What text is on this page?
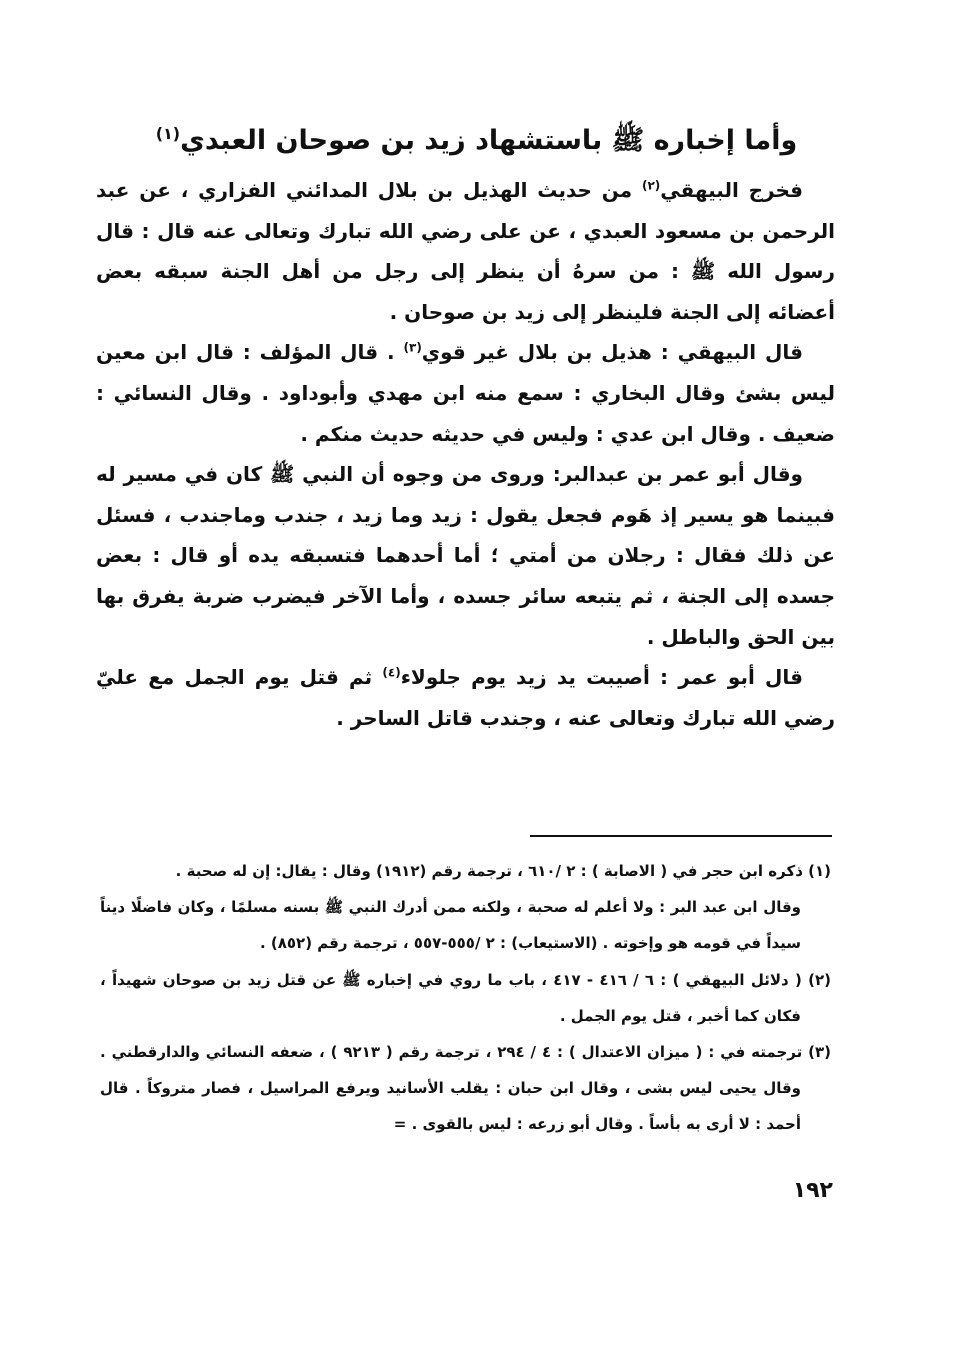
وأما إخباره ﷺ باستشهاد زيد بن صوحان العبدي$^{(١)}$

فخرج البيهقي$^{(٢)}$ من حديث الهذيل بن بلال المدائني الفزاري ، عن عبد الرحمن بن مسعود العبدي ، عن على رضي الله تبارك وتعالى عنه قال : قال رسول الله ﷺ : من سرهُ أن ينظر إلى رجل من أهل الجنة سبقه بعض أعضائه إلى الجنة فلينظر إلى زيد بن صوحان .

قال البيهقي : هذيل بن بلال غير قوي$^{(٣)}$ . قال المؤلف : قال ابن معين ليس بشئ وقال البخاري : سمع منه ابن مهدي وأبوداود . وقال النسائي : ضعيف . وقال ابن عدي : وليس في حديثه حديث منكم .

وقال أبو عمر بن عبدالبر: وروى من وجوه أن النبي ﷺ كان في مسير له فبينما هو يسير إذ هَوم فجعل يقول : زيد وما زيد ، جندب وماجندب ، فسئل عن ذلك فقال : رجلان من أمتي ؛ أما أحدهما فتسبقه يده أو قال : بعض جسده إلى الجنة ، ثم يتبعه سائر جسده ، وأما الآخر فيضرب ضربة يفرق بها بين الحق والباطل .

قال أبو عمر : أصيبت يد زيد يوم جلولاء$^{(٤)}$ ثم قتل يوم الجمل مع عليّ رضي الله تبارك وتعالى عنه ، وجندب قاتل الساحر .

(١) ذكره ابن حجر في ( الاصابة ) : ٢ /٦١٠ ، ترجمة رقم (١٩١٢) وقال : يقال: إن له صحبة .

وقال ابن عبد البر : ولا أعلم له صحبة ، ولكنه ممن أدرك النبي ﷺ بسنه مسلمًا ، وكان فاضلًا ديناً سيداً في قومه هو وإخوته . (الاستيعاب) : ٢ /٥٥٥-٥٥٧ ، ترجمة رقم (٨٥٢) .

(٢) ( دلائل البيهقي ) : ٦ / ٤١٦ - ٤١٧ ، باب ما روي في إخباره ﷺ عن قتل زيد بن صوحان شهيداً ، فكان كما أخبر ، قتل يوم الجمل .

(٣) ترجمته في : ( ميزان الاعتدال ) : ٤ / ٢٩٤ ، ترجمة رقم ( ٩٢١٣ ) ، ضعفه النسائي والدارقطني . وقال يحيى ليس بشى ، وقال ابن حبان : يقلب الأسانيد ويرفع المراسيل ، فصار متروكاً . قال أحمد : لا أرى به بأساً . وقال أبو زرعه : ليس بالقوى . =

١٩٢
